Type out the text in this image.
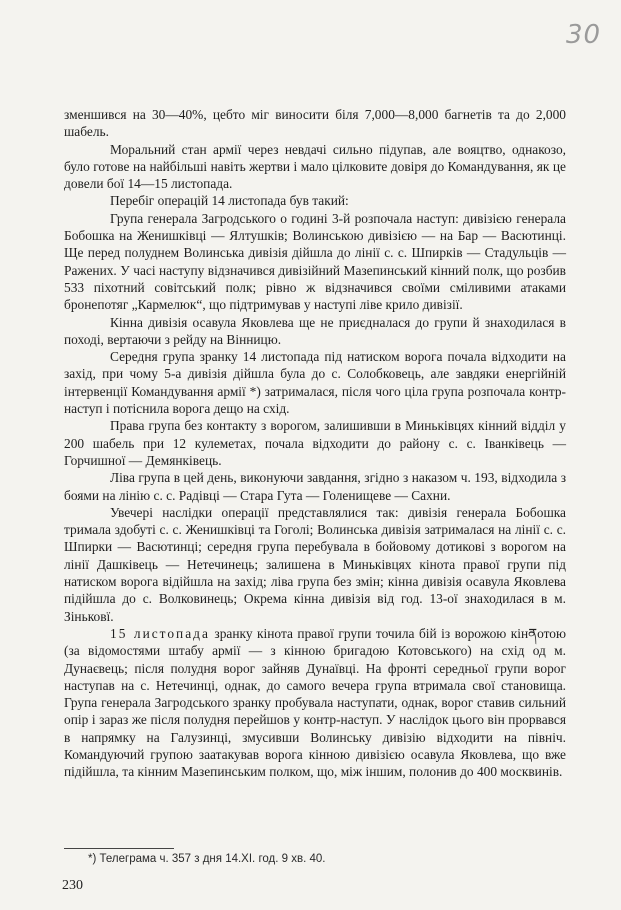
30

зменшився на 30—40%, цебто міг виносити біля 7,000—8,000 багнетів та до 2,000 шабель.

Моральний стан армії через невдачі сильно підупав, але вояцтво, однакозо, було готове на найбільші навіть жертви і мало цілковите довіря до Командування, як це довели бої 14—15 листопада.

Перебіг операцій 14 листопада був такий:

Група генерала Загродського о годині 3-й розпочала наступ: дивізією генерала Бобошка на Женишківці — Ялтушків; Волинською дивізією — на Бар — Васютинці. Ще перед полуднем Волинська дивізія дійшла до лінії с. с. Шпирків — Стадульців — Ражених. У часі наступу відзначився дивізійний Мазепинський кінний полк, що розбив 533 піхотний совітський полк; рівно ж відзначився своїми сміливими атаками бронепотяг „Кармелюк“, що підтримував у наступі ліве крило дивізії.

Кінна дивізія осавула Яковлева ще не приєдналася до групи й знаходилася в поході, вертаючи з рейду на Вінницю.

Середня група зранку 14 листопада під натиском ворога почала відходити на захід, при чому 5-а дивізія дійшла була до с. Солобковець, але завдяки енергійній інтервенції Командування армії *) затрималася, після чого ціла група розпочала контр-наступ і потіснила ворога дещо на схід.

Права група без контакту з ворогом, залишивши в Миньківцях кінний відділ у 200 шабель при 12 кулеметах, почала відходити до району с. с. Іванківець — Горчишної — Демянківець.

Ліва група в цей день, виконуючи завдання, згідно з наказом ч. 193, відходила з боями на лінію с. с. Радівці — Стара Гута — Голенищеве — Сахни.

Увечері наслідки операції представлялися так: дивізія генерала Бобошка тримала здобуті с. с. Женишківці та Гоголі; Волинська дивізія затрималася на лінії с. с. Шпирки — Васютинці; середня група перебувала в бойовому дотикові з ворогом на лінії Дашківець — Нетечинець; залишена в Миньківцях кінота правої групи під натиском ворога відійшла на захід; ліва група без змін; кінна дивізія осавула Яковлева підійшла до с. Волковинець; Окрема кінна дивізія від год. 13-ої знаходилася в м. Зіньковї.

15 листопада зранку кінота правої групи точила бій із ворожою кінནотою (за відомостями штабу армії — з кінною бригадою Котовського) на схід од м. Дунаєвець; після полудня ворог зайняв Дунаївці. На фронті середньої групи ворог наступав на с. Нетечинці, однак, до самого вечера група втримала свої становища. Група генерала Загродського зранку пробувала наступати, однак, ворог ставив сильний опір і зараз же після полудня перейшов у контр-наступ. У наслідок цього він прорвався в напрямку на Галузинці, змусивши Волинську дивізію відходити на північ. Командуючий групою заатакував ворога кінною дивізією осавула Яковлева, що вже підійшла, та кінним Мазепинським полком, що, між іншим, полонив до 400 москвинів.

*) Телеграма ч. 357 з дня 14.XI. год. 9 хв. 40.
230
